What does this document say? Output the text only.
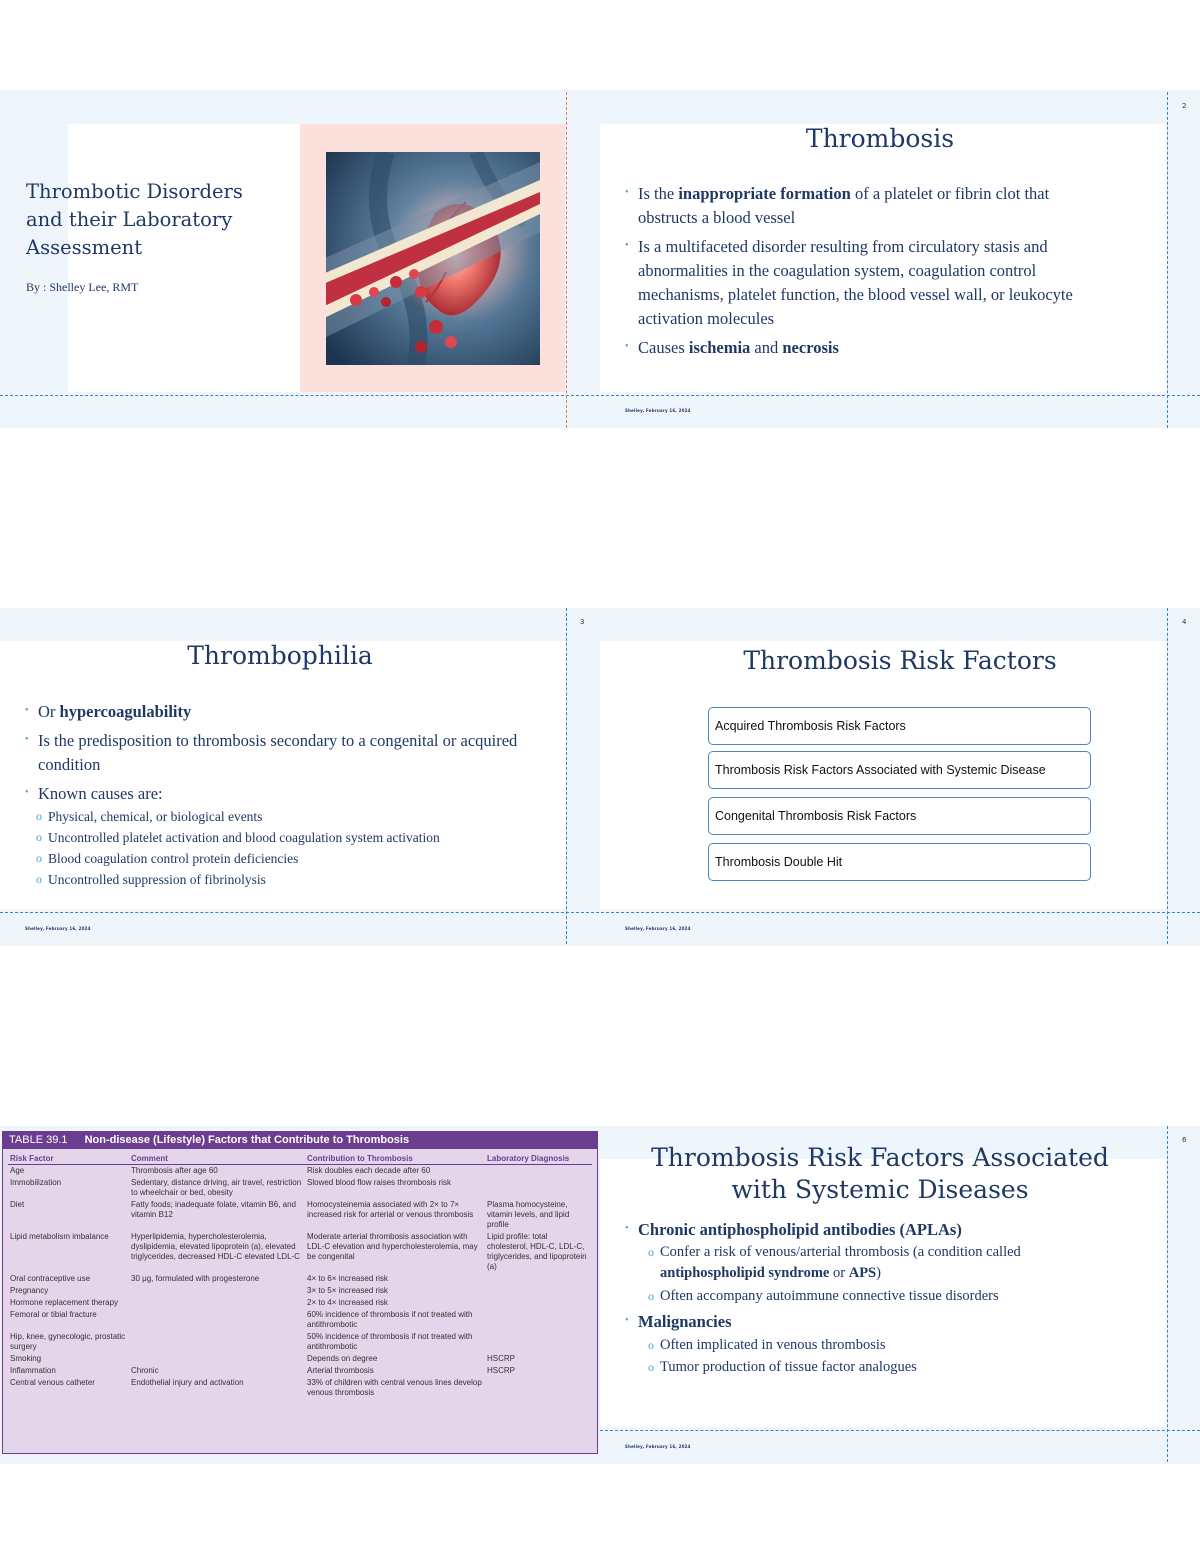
Thrombotic Disorders and their Laboratory Assessment
By : Shelley Lee, RMT
2
Thrombosis
• Is the inappropriate formation of a platelet or fibrin clot that obstructs a blood vessel
• Is a multifaceted disorder resulting from circulatory stasis and abnormalities in the coagulation system, coagulation control mechanisms, platelet function, the blood vessel wall, or leukocyte activation molecules
• Causes ischemia and necrosis
Shelley, February 16, 2024
3
Thrombophilia
• Or hypercoagulability
• Is the predisposition to thrombosis secondary to a congenital or acquired condition
• Known causes are:
o Physical, chemical, or biological events
o Uncontrolled platelet activation and blood coagulation system activation
o Blood coagulation control protein deficiencies
o Uncontrolled suppression of fibrinolysis
Shelley, February 16, 2024
4
Thrombosis Risk Factors
Acquired Thrombosis Risk Factors
Thrombosis Risk Factors Associated with Systemic Disease
Congenital Thrombosis Risk Factors
Thrombosis Double Hit
Shelley, February 16, 2024
TABLE 39.1 Non-disease (Lifestyle) Factors that Contribute to Thrombosis
Risk Factor	Comment	Contribution to Thrombosis	Laboratory Diagnosis
Age	Thrombosis after age 60	Risk doubles each decade after 60	
Immobilization	Sedentary, distance driving, air travel, restriction to wheelchair or bed, obesity	Slowed blood flow raises thrombosis risk	
Diet	Fatty foods; inadequate folate, vitamin B6, and vitamin B12	Homocysteinemia associated with 2× to 7× increased risk for arterial or venous thrombosis	Plasma homocysteine, vitamin levels, and lipid profile
Lipid metabolism imbalance	Hyperlipidemia, hypercholesterolemia, dyslipidemia, elevated lipoprotein (a), elevated triglycerides, decreased HDL-C elevated LDL-C	Moderate arterial thrombosis association with LDL-C elevation and hypercholesterolemia, may be congenital	Lipid profile: total cholesterol, HDL-C, LDL-C, triglycerides, and lipoprotein (a)
Oral contraceptive use	30 μg, formulated with progesterone	4× to 6× increased risk	
Pregnancy		3× to 5× increased risk	
Hormone replacement therapy		2× to 4× increased risk	
Femoral or tibial fracture		60% incidence of thrombosis if not treated with antithrombotic	
Hip, knee, gynecologic, prostatic surgery		50% incidence of thrombosis if not treated with antithrombotic	
Smoking		Depends on degree	HSCRP
Inflammation	Chronic	Arterial thrombosis	HSCRP
Central venous catheter	Endothelial injury and activation	33% of children with central venous lines develop venous thrombosis	
6
Thrombosis Risk Factors Associated with Systemic Diseases
• Chronic antiphospholipid antibodies (APLAs)
o Confer a risk of venous/arterial thrombosis (a condition called antiphospholipid syndrome or APS)
o Often accompany autoimmune connective tissue disorders
• Malignancies
o Often implicated in venous thrombosis
o Tumor production of tissue factor analogues
Shelley, February 16, 2024
